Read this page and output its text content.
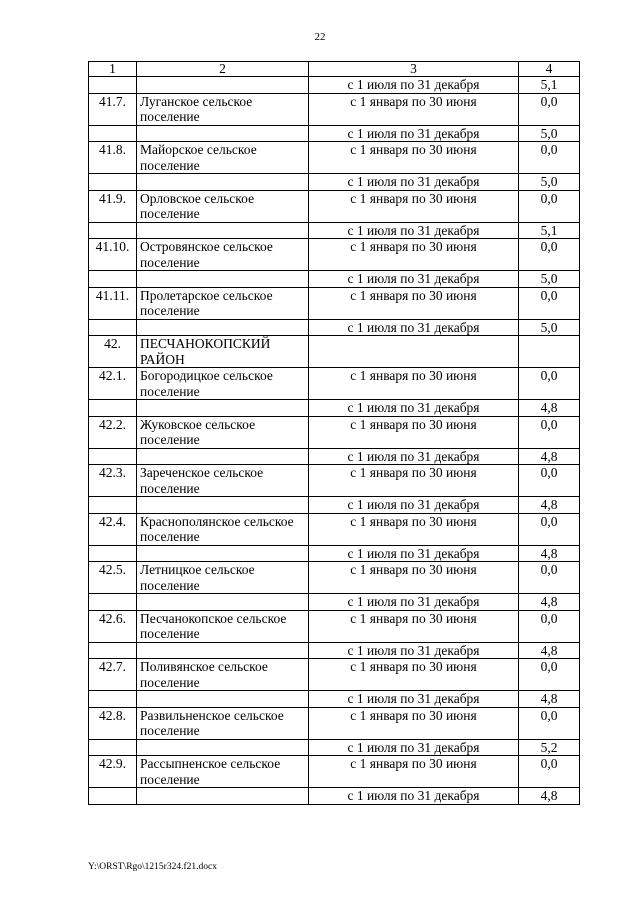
22
1	2	3	4
		с 1 июля по 31 декабря	5,1
41.7.	Луганское сельское поселение	с 1 января по 30 июня	0,0
		с 1 июля по 31 декабря	5,0
41.8.	Майорское сельское поселение	с 1 января по 30 июня	0,0
		с 1 июля по 31 декабря	5,0
41.9.	Орловское сельское поселение	с 1 января по 30 июня	0,0
		с 1 июля по 31 декабря	5,1
41.10.	Островянское сельское поселение	с 1 января по 30 июня	0,0
		с 1 июля по 31 декабря	5,0
41.11.	Пролетарское сельское поселение	с 1 января по 30 июня	0,0
		с 1 июля по 31 декабря	5,0
42.	ПЕСЧАНОКОПСКИЙ РАЙОН		
42.1.	Богородицкое сельское поселение	с 1 января по 30 июня	0,0
		с 1 июля по 31 декабря	4,8
42.2.	Жуковское сельское поселение	с 1 января по 30 июня	0,0
		с 1 июля по 31 декабря	4,8
42.3.	Зареченское сельское поселение	с 1 января по 30 июня	0,0
		с 1 июля по 31 декабря	4,8
42.4.	Краснополянское сельское поселение	с 1 января по 30 июня	0,0
		с 1 июля по 31 декабря	4,8
42.5.	Летницкое сельское поселение	с 1 января по 30 июня	0,0
		с 1 июля по 31 декабря	4,8
42.6.	Песчанокопское сельское поселение	с 1 января по 30 июня	0,0
		с 1 июля по 31 декабря	4,8
42.7.	Поливянское сельское поселение	с 1 января по 30 июня	0,0
		с 1 июля по 31 декабря	4,8
42.8.	Развильненское сельское поселение	с 1 января по 30 июня	0,0
		с 1 июля по 31 декабря	5,2
42.9.	Рассыпненское сельское поселение	с 1 января по 30 июня	0,0
		с 1 июля по 31 декабря	4,8
Y:\ORST\Rgo\1215r324.f21.docx
